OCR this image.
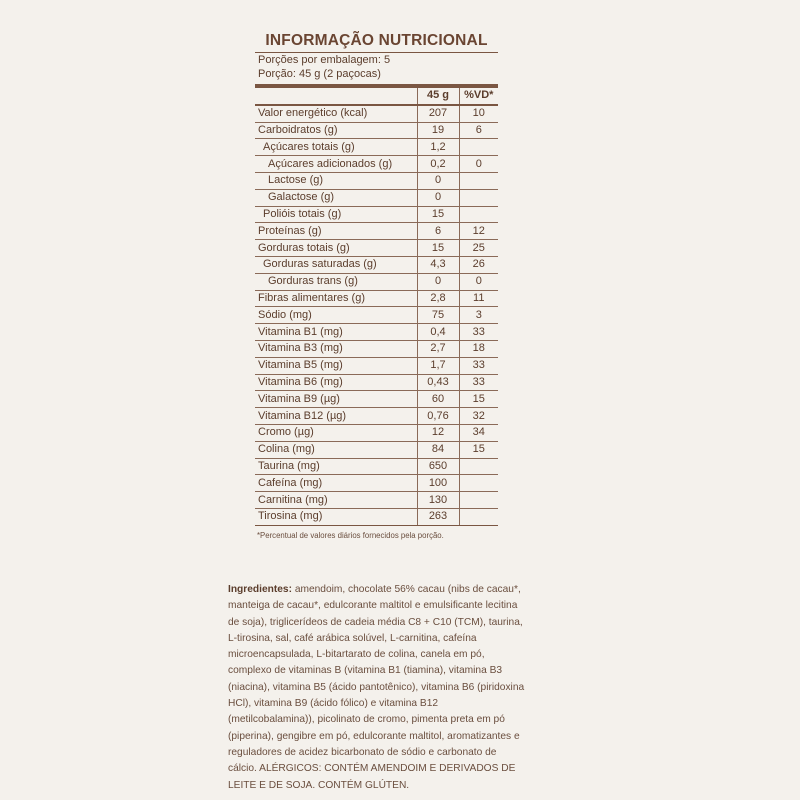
INFORMAÇÃO NUTRICIONAL
Porções por embalagem: 5
Porção: 45 g (2 paçocas)
	45 g	%VD*
Valor energético (kcal)	207	10
Carboidratos (g)	19	6
Açúcares totais (g)	1,2	
Açúcares adicionados (g)	0,2	0
Lactose (g)	0	
Galactose (g)	0	
Polióis totais (g)	15	
Proteínas (g)	6	12
Gorduras totais (g)	15	25
Gorduras saturadas (g)	4,3	26
Gorduras trans (g)	0	0
Fibras alimentares (g)	2,8	11
Sódio (mg)	75	3
Vitamina B1 (mg)	0,4	33
Vitamina B3 (mg)	2,7	18
Vitamina B5 (mg)	1,7	33
Vitamina B6 (mg)	0,43	33
Vitamina B9 (µg)	60	15
Vitamina B12 (µg)	0,76	32
Cromo (µg)	12	34
Colina (mg)	84	15
Taurina (mg)	650	
Cafeína (mg)	100	
Carnitina (mg)	130	
Tirosina (mg)	263	
*Percentual de valores diários fornecidos pela porção.
Ingredientes: amendoim, chocolate 56% cacau (nibs de cacau*, manteiga de cacau*, edulcorante maltitol e emulsificante lecitina de soja), triglicerídeos de cadeia média C8 + C10 (TCM), taurina, L-tirosina, sal, café arábica solúvel, L-carnitina, cafeína microencapsulada, L-bitartarato de colina, canela em pó, complexo de vitaminas B (vitamina B1 (tiamina), vitamina B3 (niacina), vitamina B5 (ácido pantotênico), vitamina B6 (piridoxina HCl), vitamina B9 (ácido fólico) e vitamina B12 (metilcobalamina)), picolinato de cromo, pimenta preta em pó (piperina), gengibre em pó, edulcorante maltitol, aromatizantes e reguladores de acidez bicarbonato de sódio e carbonato de cálcio. ALÉRGICOS: CONTÉM AMENDOIM E DERIVADOS DE LEITE E DE SOJA. CONTÉM GLÚTEN.
